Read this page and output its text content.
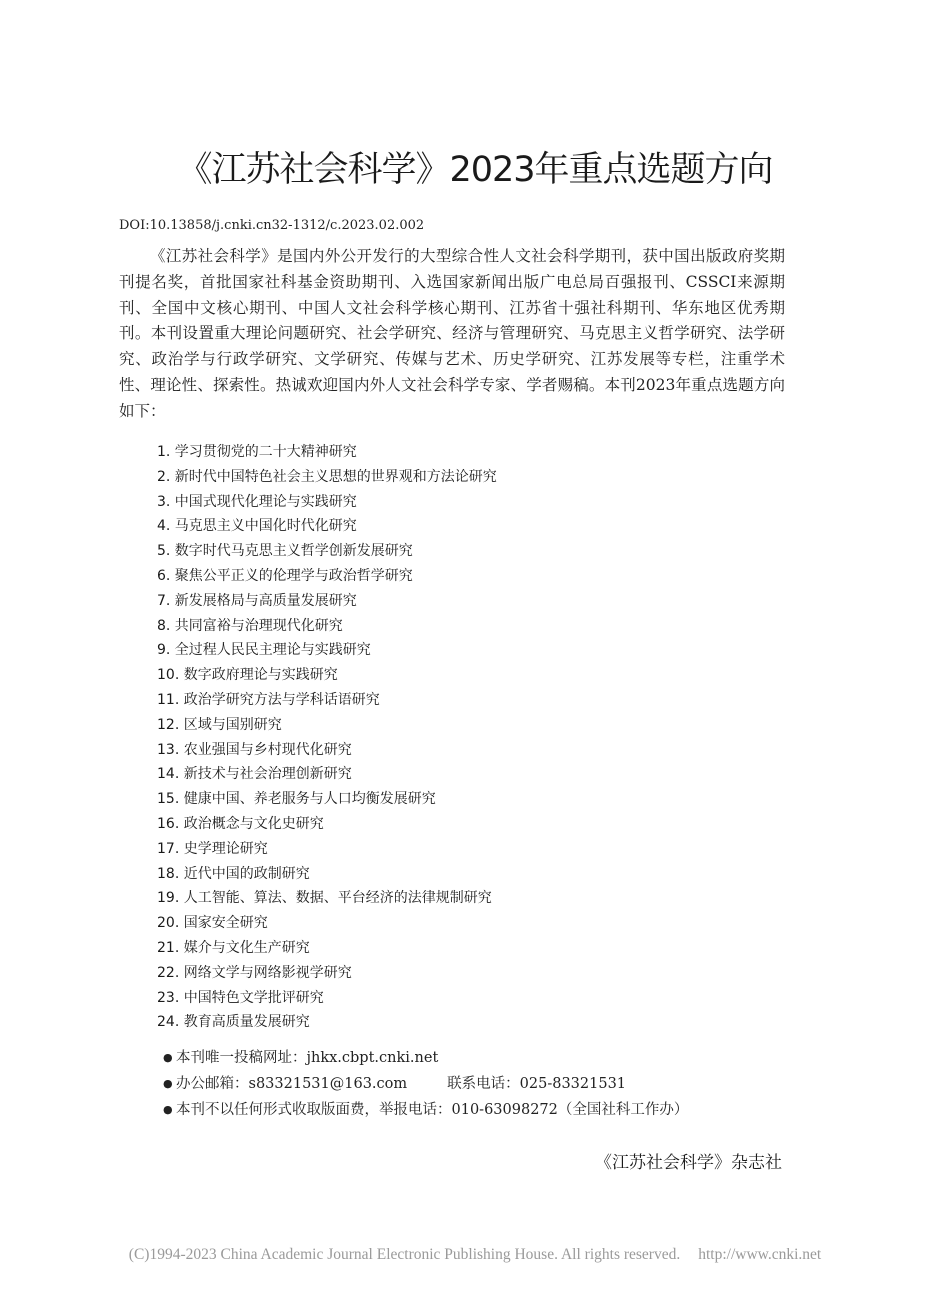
《江苏社会科学》2023年重点选题方向
DOI:10.13858/j.cnki.cn32-1312/c.2023.02.002

《江苏社会科学》是国内外公开发行的大型综合性人文社会科学期刊，获中国出版政府奖期刊提名奖，首批国家社科基金资助期刊、入选国家新闻出版广电总局百强报刊、CSSCI来源期刊、全国中文核心期刊、中国人文社会科学核心期刊、江苏省十强社科期刊、华东地区优秀期刊。本刊设置重大理论问题研究、社会学研究、经济与管理研究、马克思主义哲学研究、法学研究、政治学与行政学研究、文学研究、传媒与艺术、历史学研究、江苏发展等专栏，注重学术性、理论性、探索性。热诚欢迎国内外人文社会科学专家、学者赐稿。本刊2023年重点选题方向如下：

1. 学习贯彻党的二十大精神研究
2. 新时代中国特色社会主义思想的世界观和方法论研究
3. 中国式现代化理论与实践研究
4. 马克思主义中国化时代化研究
5. 数字时代马克思主义哲学创新发展研究
6. 聚焦公平正义的伦理学与政治哲学研究
7. 新发展格局与高质量发展研究
8. 共同富裕与治理现代化研究
9. 全过程人民民主理论与实践研究
10. 数字政府理论与实践研究
11. 政治学研究方法与学科话语研究
12. 区域与国别研究
13. 农业强国与乡村现代化研究
14. 新技术与社会治理创新研究
15. 健康中国、养老服务与人口均衡发展研究
16. 政治概念与文化史研究
17. 史学理论研究
18. 近代中国的政制研究
19. 人工智能、算法、数据、平台经济的法律规制研究
20. 国家安全研究
21. 媒介与文化生产研究
22. 网络文学与网络影视学研究
23. 中国特色文学批评研究
24. 教育高质量发展研究
● 本刊唯一投稿网址：jhkx.cbpt.cnki.net
● 办公邮箱：s83321531@163.com	联系电话：025-83321531
● 本刊不以任何形式收取版面费，举报电话：010-63098272（全国社科工作办）
《江苏社会科学》杂志社
(C)1994-2023 China Academic Journal Electronic Publishing House. All rights reserved. http://www.cnki.net
